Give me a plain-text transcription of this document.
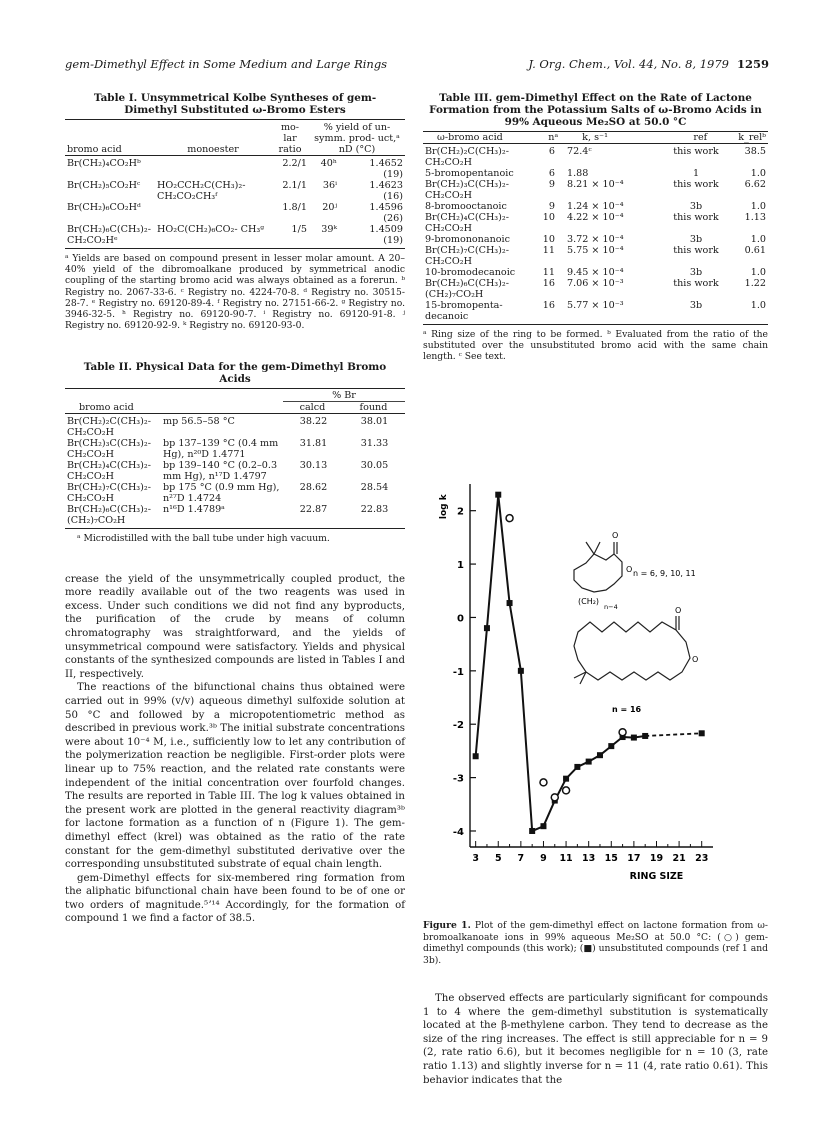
gem-Dimethyl Effect in Some Medium and Large Rings	J. Org. Chem., Vol. 44, No. 8, 1979 1259
Table I. Unsymmetrical Kolbe Syntheses of gem-
Dimethyl Substituted ω-Bromo Esters
bromo acid	monoester	mo- lar ratio	% yield of un- symm. prod- uct,ᵃ nD (°C)
Br(CH₂)₄CO₂Hᵇ		2.2/1	40ʰ	1.4652
(19)

Br(CH₂)₅CO₂Hᶜ	HO₂CCH₂C(CH₃)₂- CH₂CO₂CH₃ᶠ	2.1/1	36ⁱ	1.4623
(16)

Br(CH₂)₆CO₂Hᵈ		1.8/1	20ʲ	1.4596
(26)

Br(CH₂)₆C(CH₃)₂- CH₂CO₂Hᵉ	HO₂C(CH₂)₆CO₂- CH₃ᵍ	1/5	39ᵏ	1.4509
(19)
ᵃ Yields are based on compound present in lesser molar amount. A 20–40% yield of the dibromoalkane produced by symmetrical anodic coupling of the starting bromo acid was always obtained as a forerun. ᵇ Registry no. 2067-33-6. ᶜ Registry no. 4224-70-8. ᵈ Registry no. 30515-28-7. ᵉ Registry no. 69120-89-4. ᶠ Registry no. 27151-66-2. ᵍ Registry no. 3946-32-5. ʰ Registry no. 69120-90-7. ⁱ Registry no. 69120-91-8. ʲ Registry no. 69120-92-9. ᵏ Registry no. 69120-93-0.
Table II. Physical Data for the gem-Dimethyl Bromo
Acids
	% Br	
bromo acid	calcd	found
Br(CH₂)₂C(CH₃)₂- CH₂CO₂H	mp 56.5–58 °C	38.22	38.01
Br(CH₂)₃C(CH₃)₂- CH₂CO₂H	bp 137–139 °C (0.4 mm Hg), n²⁰D 1.4771	31.81	31.33
Br(CH₂)₄C(CH₃)₂- CH₂CO₂H	bp 139–140 °C (0.2–0.3 mm Hg), n¹⁷D 1.4797	30.13	30.05
Br(CH₂)₇C(CH₃)₂- CH₂CO₂H	bp 175 °C (0.9 mm Hg), n²⁷D 1.4724	28.62	28.54
Br(CH₂)₆C(CH₃)₂- (CH₂)₇CO₂H	n¹⁶D 1.4789ᵃ	22.87	22.83
ᵃ Microdistilled with the ball tube under high vacuum.

crease the yield of the unsymmetrically coupled product, the more readily available out of the two reagents was used in excess. Under such conditions we did not find any byproducts, the purification of the crude by means of column chromatography was straightforward, and the yields of unsymmetrical compound were satisfactory. Yields and physical constants of the synthesized compounds are listed in Tables I and II, respectively.

The reactions of the bifunctional chains thus obtained were carried out in 99% (v/v) aqueous dimethyl sulfoxide solution at 50 °C and followed by a micropotentiometric method as described in previous work.³ᵇ The initial substrate concentrations were about 10⁻⁴ M, i.e., sufficiently low to let any contribution of the polymerization reaction be negligible. First-order plots were linear up to 75% reaction, and the related rate constants were independent of the initial concentration over fourfold changes. The results are reported in Table III. The log k values obtained in the present work are plotted in the general reactivity diagram³ᵇ for lactone formation as a function of n (Figure 1). The gem-dimethyl effect (krel) was obtained as the ratio of the rate constant for the gem-dimethyl substituted derivative over the corresponding unsubstituted substrate of equal chain length.

gem-Dimethyl effects for six-membered ring formation from the aliphatic bifunctional chain have been found to be of one or two orders of magnitude.⁵ʼ¹⁴ Accordingly, for the formation of compound 1 we find a factor of 38.5.

Table III. gem-Dimethyl Effect on the Rate of Lactone
Formation from the Potassium Salts of ω-Bromo Acids in
99% Aqueous Me₂SO at 50.0 °C
ω-bromo acid	nᵃ	k, s⁻¹	ref	k_relᵇ
Br(CH₂)₂C(CH₃)₂- CH₂CO₂H	6	72.4ᶜ	this work	38.5
5-bromopentanoic	6	1.88	1	1.0
Br(CH₂)₃C(CH₃)₂- CH₂CO₂H	9	8.21 × 10⁻⁴	this work	6.62
8-bromooctanoic	9	1.24 × 10⁻⁴	3b	1.0
Br(CH₂)₄C(CH₃)₂- CH₂CO₂H	10	4.22 × 10⁻⁴	this work	1.13
9-bromononanoic	10	3.72 × 10⁻⁴	3b	1.0
Br(CH₂)₇C(CH₃)₂- CH₂CO₂H	11	5.75 × 10⁻⁴	this work	0.61
10-bromodecanoic	11	9.45 × 10⁻⁴	3b	1.0
Br(CH₂)₆C(CH₃)₂- (CH₂)₇CO₂H	16	7.06 × 10⁻³	this work	1.22
15-bromopenta- decanoic	16	5.77 × 10⁻³	3b	1.0
ᵃ Ring size of the ring to be formed. ᵇ Evaluated from the ratio of the substituted over the unsubstituted bromo acid with the same chain length. ᶜ See text.
2
1
0
-1
-2
-3
-4
3 5 7 9 11 13 15 17 19 21 23
log k
RING SIZE
O
O
(CH₂)
n−4
n = 6, 9, 10, 11
O
O
n = 16
Figure 1. Plot of the gem-dimethyl effect on lactone formation from ω-bromoalkanoate ions in 99% aqueous Me₂SO at 50.0 °C: (○) gem-dimethyl compounds (this work); (■) unsubstituted compounds (ref 1 and 3b).

The observed effects are particularly significant for compounds 1 to 4 where the gem-dimethyl substitution is systematically located at the β-methylene carbon. They tend to decrease as the size of the ring increases. The effect is still appreciable for n = 9 (2, rate ratio 6.6), but it becomes negligible for n = 10 (3, rate ratio 1.13) and slightly inverse for n = 11 (4, rate ratio 0.61). This behavior indicates that the
